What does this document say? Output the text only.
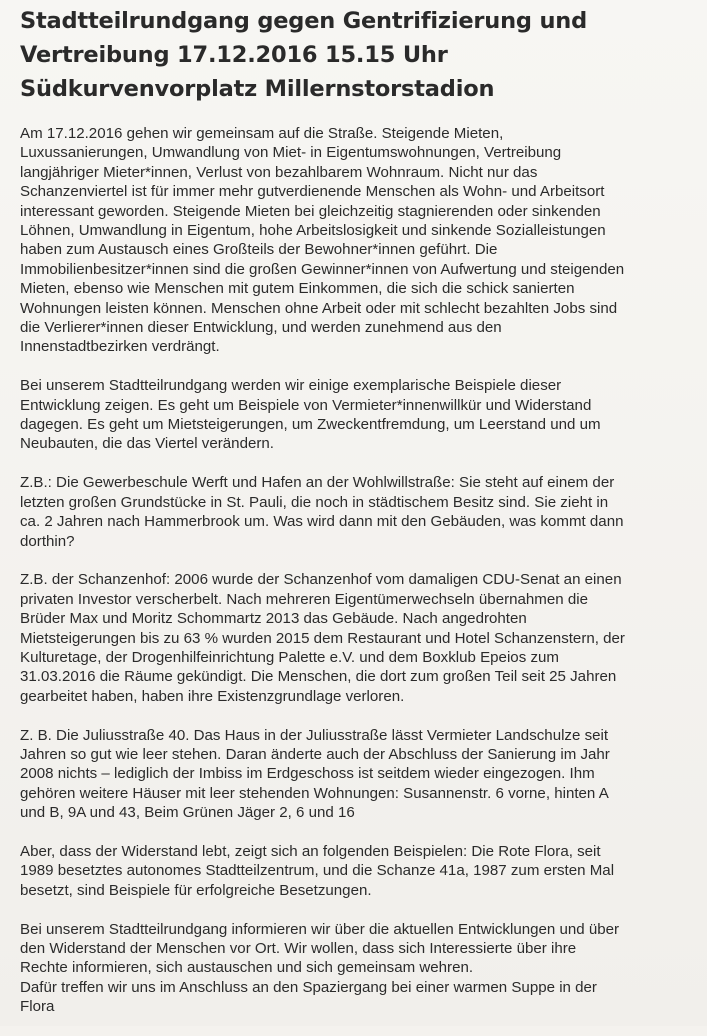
Stadtteilrundgang gegen Gentrifizierung und
Vertreibung 17.12.2016 15.15 Uhr
Südkurvenvorplatz Millernstorstadion

Am 17.12.2016 gehen wir gemeinsam auf die Straße. Steigende Mieten,
Luxussanierungen, Umwandlung von Miet- in Eigentumswohnungen, Vertreibung
langjähriger Mieter*innen, Verlust von bezahlbarem Wohnraum. Nicht nur das
Schanzenviertel ist für immer mehr gutverdienende Menschen als Wohn- und Arbeitsort
interessant geworden. Steigende Mieten bei gleichzeitig stagnierenden oder sinkenden
Löhnen, Umwandlung in Eigentum, hohe Arbeitslosigkeit und sinkende Sozialleistungen
haben zum Austausch eines Großteils der Bewohner*innen geführt. Die
Immobilienbesitzer*innen sind die großen Gewinner*innen von Aufwertung und steigenden
Mieten, ebenso wie Menschen mit gutem Einkommen, die sich die schick sanierten
Wohnungen leisten können. Menschen ohne Arbeit oder mit schlecht bezahlten Jobs sind
die Verlierer*innen dieser Entwicklung, und werden zunehmend aus den
Innenstadtbezirken verdrängt.

Bei unserem Stadtteilrundgang werden wir einige exemplarische Beispiele dieser
Entwicklung zeigen. Es geht um Beispiele von Vermieter*innenwillkür und Widerstand
dagegen. Es geht um Mietsteigerungen, um Zweckentfremdung, um Leerstand und um
Neubauten, die das Viertel verändern.

Z.B.: Die Gewerbeschule Werft und Hafen an der Wohlwillstraße: Sie steht auf einem der
letzten großen Grundstücke in St. Pauli, die noch in städtischem Besitz sind. Sie zieht in
ca. 2 Jahren nach Hammerbrook um. Was wird dann mit den Gebäuden, was kommt dann
dorthin?

Z.B. der Schanzenhof: 2006 wurde der Schanzenhof vom damaligen CDU-Senat an einen
privaten Investor verscherbelt. Nach mehreren Eigentümerwechseln übernahmen die
Brüder Max und Moritz Schommartz 2013 das Gebäude. Nach angedrohten
Mietsteigerungen bis zu 63 % wurden 2015 dem Restaurant und Hotel Schanzenstern, der
Kulturetage, der Drogenhilfeinrichtung Palette e.V. und dem Boxklub Epeios zum
31.03.2016 die Räume gekündigt. Die Menschen, die dort zum großen Teil seit 25 Jahren
gearbeitet haben, haben ihre Existenzgrundlage verloren.

Z. B. Die Juliusstraße 40. Das Haus in der Juliusstraße lässt Vermieter Landschulze seit
Jahren so gut wie leer stehen. Daran änderte auch der Abschluss der Sanierung im Jahr
2008 nichts – lediglich der Imbiss im Erdgeschoss ist seitdem wieder eingezogen. Ihm
gehören weitere Häuser mit leer stehenden Wohnungen: Susannenstr. 6 vorne, hinten A
und B, 9A und 43, Beim Grünen Jäger 2, 6 und 16

Aber, dass der Widerstand lebt, zeigt sich an folgenden Beispielen: Die Rote Flora, seit
1989 besetztes autonomes Stadtteilzentrum, und die Schanze 41a, 1987 zum ersten Mal
besetzt, sind Beispiele für erfolgreiche Besetzungen.

Bei unserem Stadtteilrundgang informieren wir über die aktuellen Entwicklungen und über
den Widerstand der Menschen vor Ort. Wir wollen, dass sich Interessierte über ihre
Rechte informieren, sich austauschen und sich gemeinsam wehren.
Dafür treffen wir uns im Anschluss an den Spaziergang bei einer warmen Suppe in der
Flora
